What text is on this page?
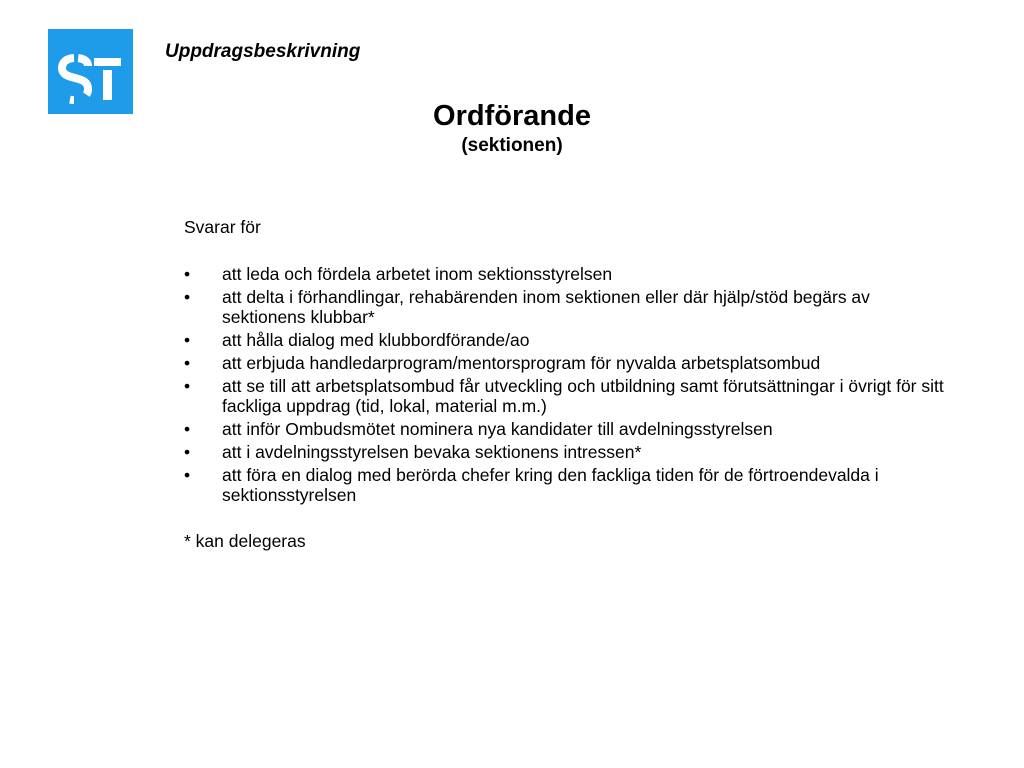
Uppdragsbeskrivning
Ordförande

(sektionen)

Svarar för

• att leda och fördela arbetet inom sektionsstyrelsen
• att delta i förhandlingar, rehabärenden inom sektionen eller där hjälp/stöd begärs av sektionens klubbar*
• att hålla dialog med klubbordförande/ao
• att erbjuda handledarprogram/mentorsprogram för nyvalda arbetsplatsombud
• att se till att arbetsplatsombud får utveckling och utbildning samt förutsättningar i övrigt för sitt fackliga uppdrag (tid, lokal, material m.m.)
• att inför Ombudsmötet nominera nya kandidater till avdelningsstyrelsen
• att i avdelningsstyrelsen bevaka sektionens intressen*
• att föra en dialog med berörda chefer kring den fackliga tiden för de förtroendevalda i sektionsstyrelsen

* kan delegeras
